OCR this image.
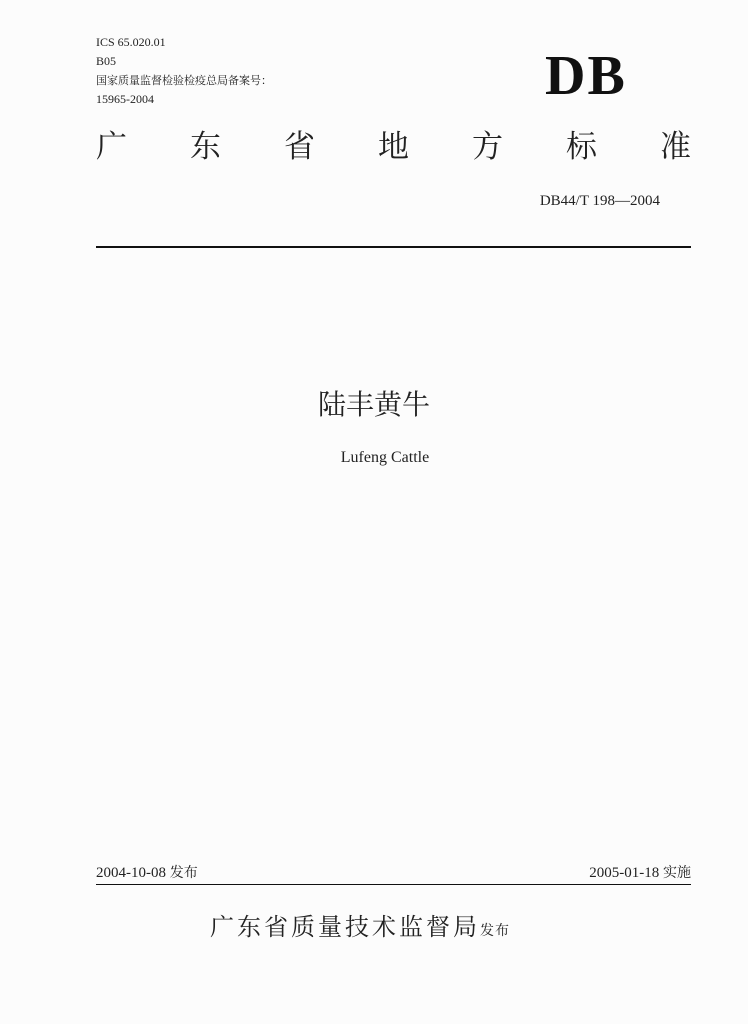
ICS 65.020.01
B05
国家质量监督检验检疫总局备案号：
15965-2004	DB
广 东 省 地 方 标 准
DB44/T 198—2004
陆丰黄牛
Lufeng Cattle
2004-10-08 发布	2005-01-18 实施
广东省质量技术监督局发布
